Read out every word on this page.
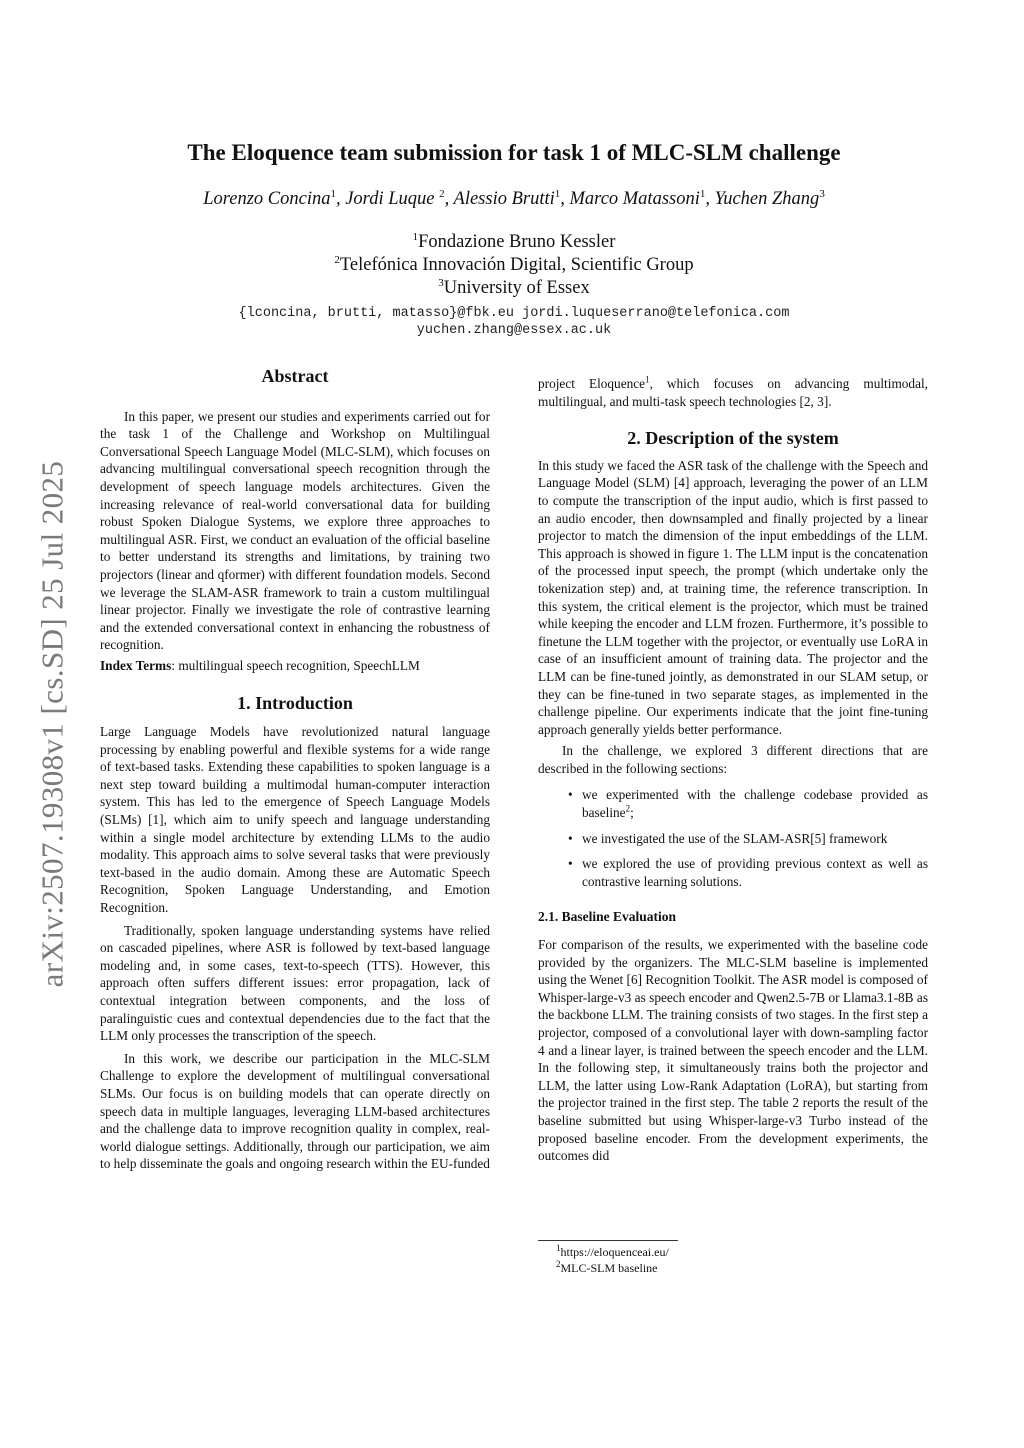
arXiv:2507.19308v1 [cs.SD] 25 Jul 2025
The Eloquence team submission for task 1 of MLC-SLM challenge
Lorenzo Concina$^1$, Jordi Luque $^2$, Alessio Brutti$^1$, Marco Matassoni$^1$, Yuchen Zhang$^3$
$^1$Fondazione Bruno Kessler
$^2$Telefónica Innovación Digital, Scientific Group
$^3$University of Essex
{lconcina, brutti, matasso}@fbk.eu jordi.luqueserrano@telefonica.com
yuchen.zhang@essex.ac.uk
Abstract

In this paper, we present our studies and experiments carried out for the task 1 of the Challenge and Workshop on Multilingual Conversational Speech Language Model (MLC-SLM), which focuses on advancing multilingual conversational speech recognition through the development of speech language models architectures. Given the increasing relevance of real-world conversational data for building robust Spoken Dialogue Systems, we explore three approaches to multilingual ASR. First, we conduct an evaluation of the official baseline to better understand its strengths and limitations, by training two projectors (linear and qformer) with different foundation models. Second we leverage the SLAM-ASR framework to train a custom multilingual linear projector. Finally we investigate the role of contrastive learning and the extended conversational context in enhancing the robustness of recognition.

Index Terms: multilingual speech recognition, SpeechLLM

1. Introduction

Large Language Models have revolutionized natural language processing by enabling powerful and flexible systems for a wide range of text-based tasks. Extending these capabilities to spoken language is a next step toward building a multimodal human-computer interaction system. This has led to the emergence of Speech Language Models (SLMs) [1], which aim to unify speech and language understanding within a single model architecture by extending LLMs to the audio modality. This approach aims to solve several tasks that were previously text-based in the audio domain. Among these are Automatic Speech Recognition, Spoken Language Understanding, and Emotion Recognition.

Traditionally, spoken language understanding systems have relied on cascaded pipelines, where ASR is followed by text-based language modeling and, in some cases, text-to-speech (TTS). However, this approach often suffers different issues: error propagation, lack of contextual integration between components, and the loss of paralinguistic cues and contextual dependencies due to the fact that the LLM only processes the transcription of the speech.

In this work, we describe our participation in the MLC-SLM Challenge to explore the development of multilingual conversational SLMs. Our focus is on building models that can operate directly on speech data in multiple languages, leveraging LLM-based architectures and the challenge data to improve recognition quality in complex, real-world dialogue settings. Additionally, through our participation, we aim to help disseminate the goals and ongoing research within the EU-funded

project Eloquence$^1$, which focuses on advancing multimodal, multilingual, and multi-task speech technologies [2, 3].

2. Description of the system

In this study we faced the ASR task of the challenge with the Speech and Language Model (SLM) [4] approach, leveraging the power of an LLM to compute the transcription of the input audio, which is first passed to an audio encoder, then downsampled and finally projected by a linear projector to match the dimension of the input embeddings of the LLM. This approach is showed in figure 1. The LLM input is the concatenation of the processed input speech, the prompt (which undertake only the tokenization step) and, at training time, the reference transcription. In this system, the critical element is the projector, which must be trained while keeping the encoder and LLM frozen. Furthermore, it’s possible to finetune the LLM together with the projector, or eventually use LoRA in case of an insufficient amount of training data. The projector and the LLM can be fine-tuned jointly, as demonstrated in our SLAM setup, or they can be fine-tuned in two separate stages, as implemented in the challenge pipeline. Our experiments indicate that the joint fine-tuning approach generally yields better performance.

In the challenge, we explored 3 different directions that are described in the following sections:

• we experimented with the challenge codebase provided as baseline$^2$;
• we investigated the use of the SLAM-ASR[5] framework
• we explored the use of providing previous context as well as contrastive learning solutions.
2.1. Baseline Evaluation

For comparison of the results, we experimented with the baseline code provided by the organizers. The MLC-SLM baseline is implemented using the Wenet [6] Recognition Toolkit. The ASR model is composed of Whisper-large-v3 as speech encoder and Qwen2.5-7B or Llama3.1-8B as the backbone LLM. The training consists of two stages. In the first step a projector, composed of a convolutional layer with down-sampling factor 4 and a linear layer, is trained between the speech encoder and the LLM. In the following step, it simultaneously trains both the projector and LLM, the latter using Low-Rank Adaptation (LoRA), but starting from the projector trained in the first step. The table 2 reports the result of the baseline submitted but using Whisper-large-v3 Turbo instead of the proposed baseline encoder. From the development experiments, the outcomes did

$^1$https://eloquenceai.eu/
$^2$MLC-SLM baseline
